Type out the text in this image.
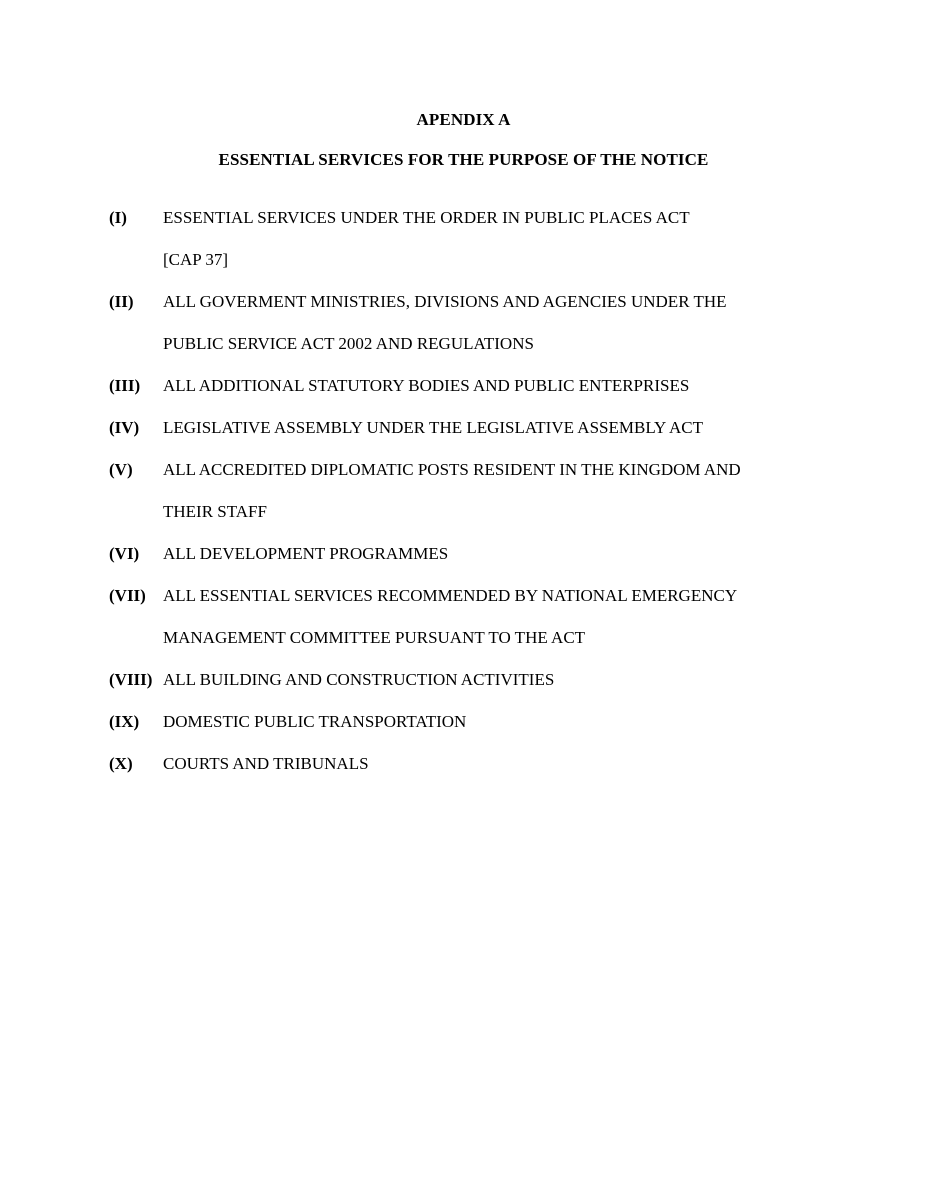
APENDIX A
ESSENTIAL SERVICES FOR THE PURPOSE OF THE NOTICE
(I)	ESSENTIAL SERVICES UNDER THE ORDER IN PUBLIC PLACES ACT
[CAP 37]
(II)	ALL GOVERMENT MINISTRIES, DIVISIONS AND AGENCIES UNDER THE
PUBLIC SERVICE ACT 2002 AND REGULATIONS
(III)	ALL ADDITIONAL STATUTORY BODIES AND PUBLIC ENTERPRISES
(IV)	LEGISLATIVE ASSEMBLY UNDER THE LEGISLATIVE ASSEMBLY ACT
(V)	ALL ACCREDITED DIPLOMATIC POSTS RESIDENT IN THE KINGDOM AND
THEIR STAFF
(VI)	ALL DEVELOPMENT PROGRAMMES
(VII)	ALL ESSENTIAL SERVICES RECOMMENDED BY NATIONAL EMERGENCY
MANAGEMENT COMMITTEE PURSUANT TO THE ACT
(VIII) ALL BUILDING AND CONSTRUCTION ACTIVITIES
(IX)	DOMESTIC PUBLIC TRANSPORTATION
(X)	COURTS AND TRIBUNALS
